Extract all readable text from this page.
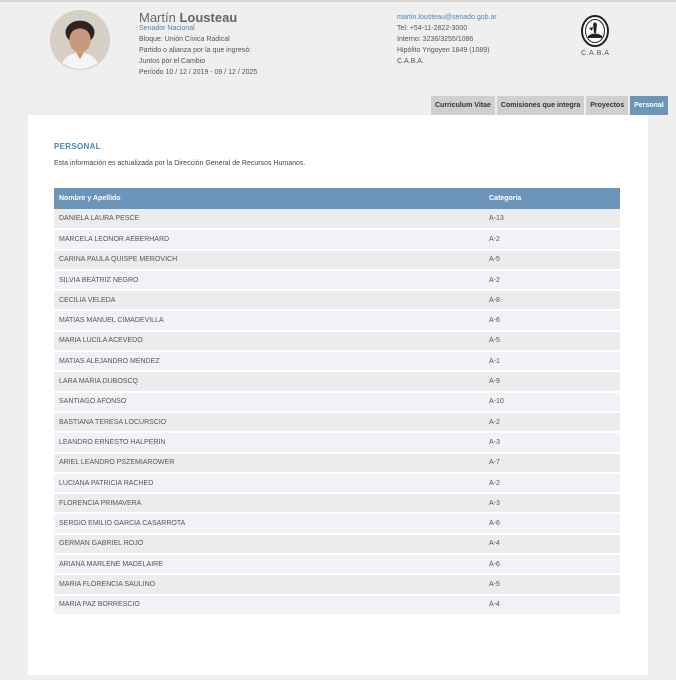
Martín Lousteau
Senador Nacional
Bloque: Unión Cívica Radical
Partido o alianza por la que ingresó:
Juntos por el Cambio
Período 10 / 12 / 2019 - 09 / 12 / 2025
martin.lousteau@senado.gob.ar
Tel: +54-11-2822-3000
Interno: 3236/3255/1086
Hipólito Yrigoyen 1849 (1089)
C.A.B.A.
C.A.B.A
Curriculum Vitae	Comisiones que integra	Proyectos	Personal
PERSONAL
Esta información es actualizada por la Dirección General de Recursos Humanos.
Nombre y Apellido	Categoria
DANIELA LAURA PESCE	A-13
MARCELA LEONOR AEBERHARD	A-2
CARINA PAULA QUISPE MEROVICH	A-5
SILVIA BEATRIZ NEGRO	A-2
CECILIA VELEDA	A-8
MATIAS MANUEL CIMADEVILLA	A-6
MARIA LUCILA ACEVEDO	A-5
MATIAS ALEJANDRO MENDEZ	A-1
LARA MARIA DUBOSCQ	A-9
SANTIAGO AFONSO	A-10
BASTIANA TERESA LOCURSCIO	A-2
LEANDRO ERNESTO HALPERIN	A-3
ARIEL LEANDRO PSZEMIAROWER	A-7
LUCIANA PATRICIA RACHED	A-2
FLORENCIA PRIMAVERA	A-3
SERGIO EMILIO GARCIA CASARROTA	A-6
GERMAN GABRIEL ROJO	A-4
ARIANA MARLENE MADELAIRE	A-6
MARIA FLORENCIA SAULINO	A-5
MARIA PAZ BORRESCIO	A-4
